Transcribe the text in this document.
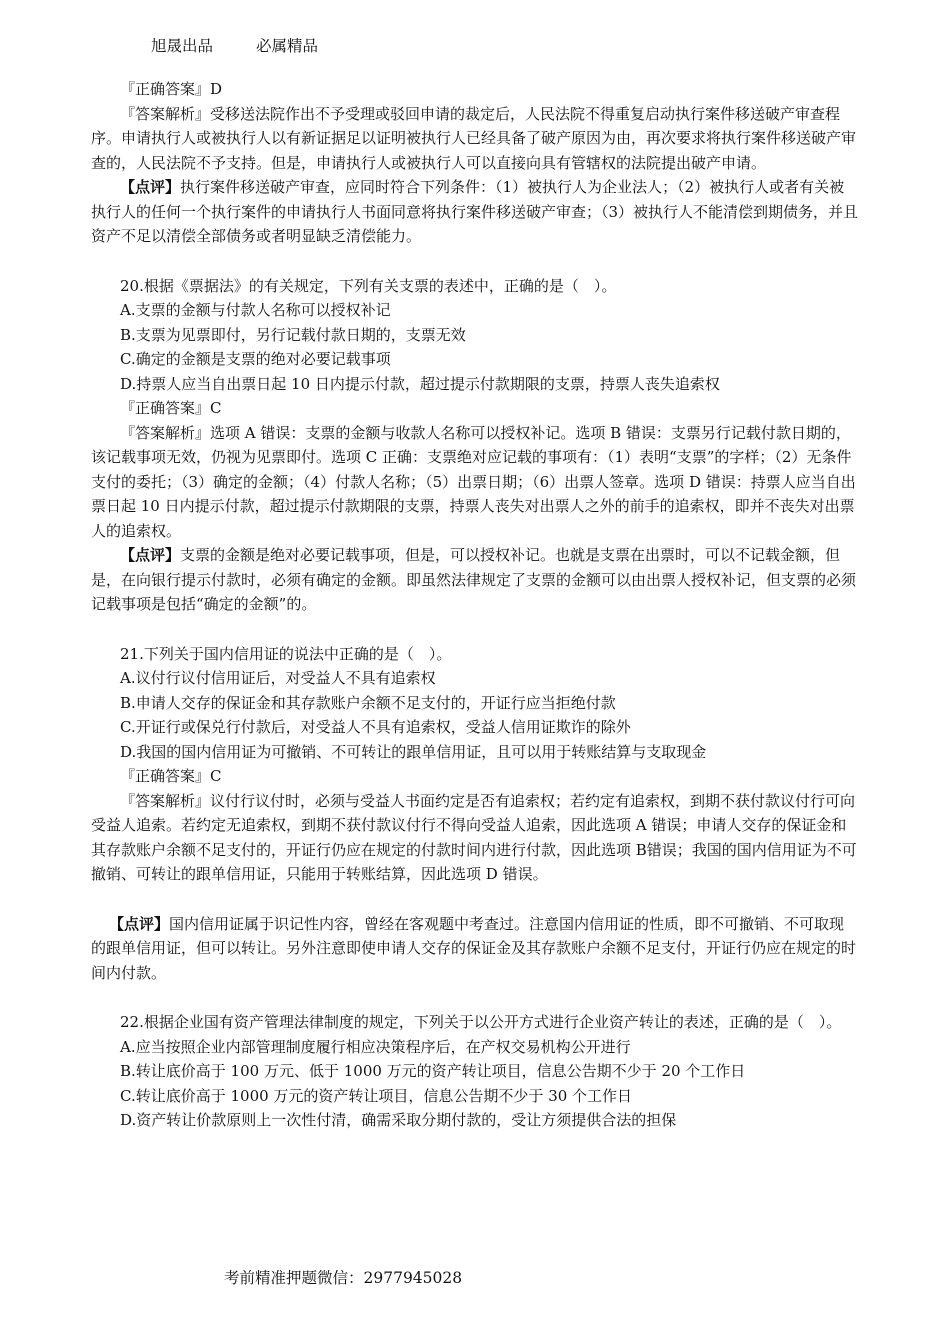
旭晟出品	必属精品

『正确答案』D

『答案解析』受移送法院作出不予受理或驳回申请的裁定后，人民法院不得重复启动执行案件移送破产审查程序。申请执行人或被执行人以有新证据足以证明被执行人已经具备了破产原因为由，再次要求将执行案件移送破产审查的，人民法院不予支持。但是，申请执行人或被执行人可以直接向具有管辖权的法院提出破产申请。

【点评】执行案件移送破产审查，应同时符合下列条件：（1）被执行人为企业法人；（2）被执行人或者有关被执行人的任何一个执行案件的申请执行人书面同意将执行案件移送破产审查；（3）被执行人不能清偿到期债务，并且资产不足以清偿全部债务或者明显缺乏清偿能力。

20.根据《票据法》的有关规定，下列有关支票的表述中，正确的是（　）。

A.支票的金额与付款人名称可以授权补记

B.支票为见票即付，另行记载付款日期的，支票无效

C.确定的金额是支票的绝对必要记载事项

D.持票人应当自出票日起 10 日内提示付款，超过提示付款期限的支票，持票人丧失追索权

『正确答案』C

『答案解析』选项 A 错误：支票的金额与收款人名称可以授权补记。选项 B 错误：支票另行记载付款日期的，该记载事项无效，仍视为见票即付。选项 C 正确：支票绝对应记载的事项有：（1）表明“支票”的字样；（2）无条件支付的委托；（3）确定的金额；（4）付款人名称；（5）出票日期；（6）出票人签章。选项 D 错误：持票人应当自出票日起 10 日内提示付款，超过提示付款期限的支票，持票人丧失对出票人之外的前手的追索权，即并不丧失对出票人的追索权。

【点评】支票的金额是绝对必要记载事项，但是，可以授权补记。也就是支票在出票时，可以不记载金额，但是，在向银行提示付款时，必须有确定的金额。即虽然法律规定了支票的金额可以由出票人授权补记，但支票的必须记载事项是包括“确定的金额”的。

21.下列关于国内信用证的说法中正确的是（　）。

A.议付行议付信用证后，对受益人不具有追索权

B.申请人交存的保证金和其存款账户余额不足支付的，开证行应当拒绝付款

C.开证行或保兑行付款后，对受益人不具有追索权，受益人信用证欺诈的除外

D.我国的国内信用证为可撤销、不可转让的跟单信用证，且可以用于转账结算与支取现金

『正确答案』C

『答案解析』议付行议付时，必须与受益人书面约定是否有追索权；若约定有追索权，到期不获付款议付行可向受益人追索。若约定无追索权，到期不获付款议付行不得向受益人追索，因此选项 A 错误；申请人交存的保证金和其存款账户余额不足支付的，开证行仍应在规定的付款时间内进行付款，因此选项 B错误；我国的国内信用证为不可撤销、可转让的跟单信用证，只能用于转账结算，因此选项 D 错误。

【点评】国内信用证属于识记性内容，曾经在客观题中考查过。注意国内信用证的性质，即不可撤销、不可取现的跟单信用证，但可以转让。另外注意即使申请人交存的保证金及其存款账户余额不足支付，开证行仍应在规定的时间内付款。

22.根据企业国有资产管理法律制度的规定，下列关于以公开方式进行企业资产转让的表述，正确的是（　）。

A.应当按照企业内部管理制度履行相应决策程序后，在产权交易机构公开进行

B.转让底价高于 100 万元、低于 1000 万元的资产转让项目，信息公告期不少于 20 个工作日

C.转让底价高于 1000 万元的资产转让项目，信息公告期不少于 30 个工作日

D.资产转让价款原则上一次性付清，确需采取分期付款的，受让方须提供合法的担保

考前精准押题微信：2977945028
